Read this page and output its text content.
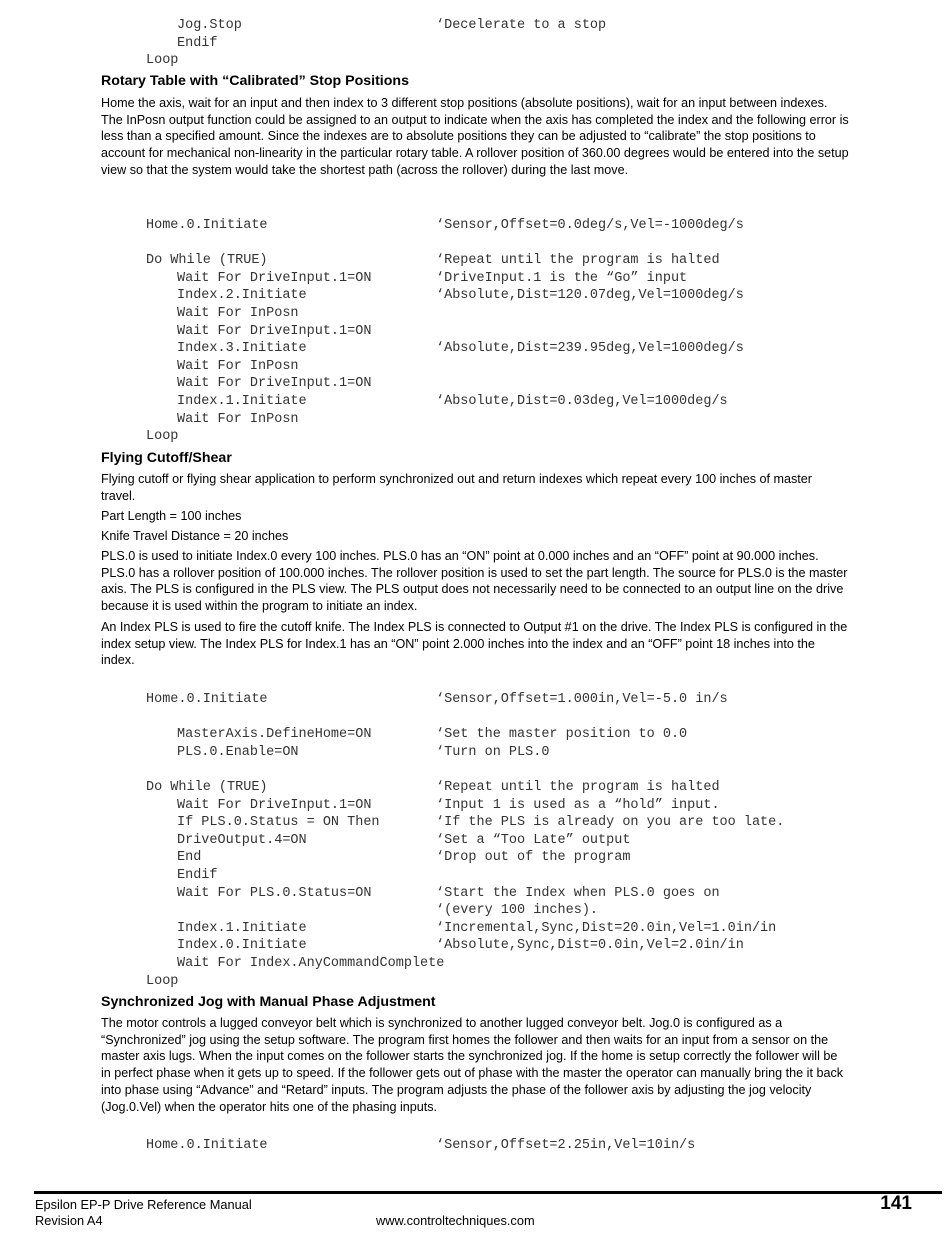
Jog.Stop	‘Decelerate to a stop
Endif
Loop
Rotary Table with “Calibrated” Stop Positions
Home the axis, wait for an input and then index to 3 different stop positions (absolute positions), wait for an input between indexes. The InPosn output function could be assigned to an output to indicate when the axis has completed the index and the following error is less than a specified amount. Since the indexes are to absolute positions they can be adjusted to “calibrate” the stop positions to account for mechanical non-linearity in the particular rotary table. A rollover position of 360.00 degrees would be entered into the setup view so that the system would take the shortest path (across the rollover) during the last move.
Home.0.Initiate	‘Sensor,Offset=0.0deg/s,Vel=-1000deg/s
Do While (TRUE)	‘Repeat until the program is halted
Wait For DriveInput.1=ON	‘DriveInput.1 is the “Go” input
Index.2.Initiate	‘Absolute,Dist=120.07deg,Vel=1000deg/s
Wait For InPosn
Wait For DriveInput.1=ON
Index.3.Initiate	‘Absolute,Dist=239.95deg,Vel=1000deg/s
Wait For InPosn
Wait For DriveInput.1=ON
Index.1.Initiate	‘Absolute,Dist=0.03deg,Vel=1000deg/s
Wait For InPosn
Loop
Flying Cutoff/Shear
Flying cutoff or flying shear application to perform synchronized out and return indexes which repeat every 100 inches of master travel.
Part Length = 100 inches
Knife Travel Distance = 20 inches
PLS.0 is used to initiate Index.0 every 100 inches. PLS.0 has an “ON” point at 0.000 inches and an “OFF” point at 90.000 inches. PLS.0 has a rollover position of 100.000 inches. The rollover position is used to set the part length. The source for PLS.0 is the master axis. The PLS is configured in the PLS view. The PLS output does not necessarily need to be connected to an output line on the drive because it is used within the program to initiate an index.
An Index PLS is used to fire the cutoff knife. The Index PLS is connected to Output #1 on the drive. The Index PLS is configured in the index setup view. The Index PLS for Index.1 has an “ON” point 2.000 inches into the index and an “OFF” point 18 inches into the index.
Home.0.Initiate	‘Sensor,Offset=1.000in,Vel=-5.0 in/s
MasterAxis.DefineHome=ON	‘Set the master position to 0.0
PLS.0.Enable=ON	‘Turn on PLS.0
Do While (TRUE)	‘Repeat until the program is halted
Wait For DriveInput.1=ON	‘Input 1 is used as a “hold” input.
If PLS.0.Status = ON Then	‘If the PLS is already on you are too late.
DriveOutput.4=ON	‘Set a “Too Late” output
End	‘Drop out of the program
Endif
Wait For PLS.0.Status=ON	‘Start the Index when PLS.0 goes on
‘(every 100 inches).
Index.1.Initiate	‘Incremental,Sync,Dist=20.0in,Vel=1.0in/in
Index.0.Initiate	‘Absolute,Sync,Dist=0.0in,Vel=2.0in/in
Wait For Index.AnyCommandComplete
Loop
Synchronized Jog with Manual Phase Adjustment
The motor controls a lugged conveyor belt which is synchronized to another lugged conveyor belt. Jog.0 is configured as a “Synchronized” jog using the setup software. The program first homes the follower and then waits for an input from a sensor on the master axis lugs. When the input comes on the follower starts the synchronized jog. If the home is setup correctly the follower will be in perfect phase when it gets up to speed. If the follower gets out of phase with the master the operator can manually bring the it back into phase using “Advance” and “Retard” inputs. The program adjusts the phase of the follower axis by adjusting the jog velocity (Jog.0.Vel) when the operator hits one of the phasing inputs.
Home.0.Initiate	‘Sensor,Offset=2.25in,Vel=10in/s
Epsilon EP-P Drive Reference Manual
Revision A4	www.controltechniques.com
141
